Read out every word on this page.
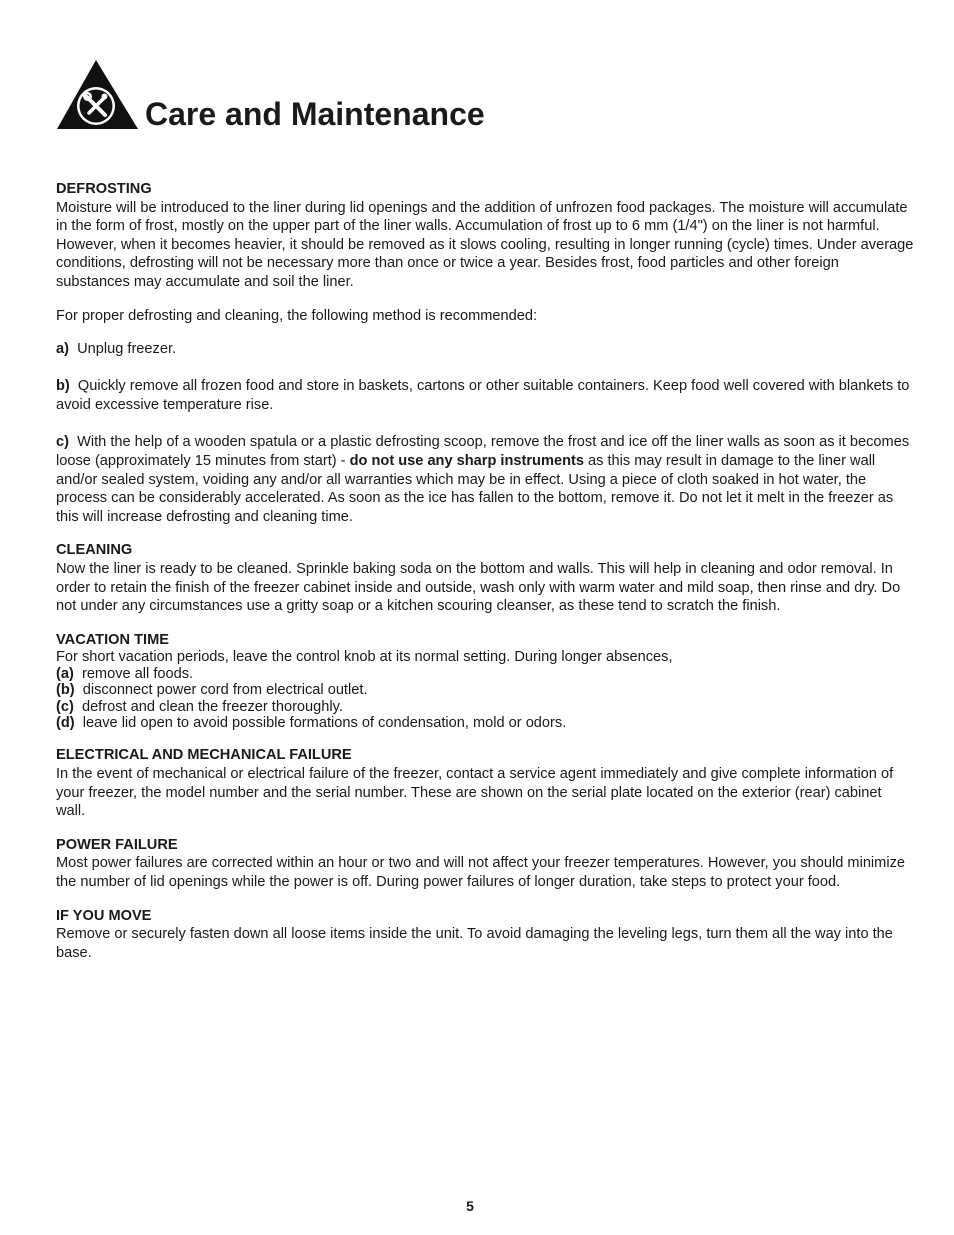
Care and Maintenance

DEFROSTING

Moisture will be introduced to the liner during lid openings and the addition of unfrozen food packages. The moisture will accumulate in the form of frost, mostly on the upper part of the liner walls. Accumulation of frost up to 6 mm (1/4") on the liner is not harmful. However, when it becomes heavier, it should be removed as it slows cooling, resulting in longer running (cycle) times. Under average conditions, defrosting will not be necessary more than once or twice a year. Besides frost, food particles and other foreign substances may accumulate and soil the liner.

For proper defrosting and cleaning, the following method is recommended:

a) Unplug freezer.

b) Quickly remove all frozen food and store in baskets, cartons or other suitable containers. Keep food well covered with blankets to avoid excessive temperature rise.

c) With the help of a wooden spatula or a plastic defrosting scoop, remove the frost and ice off the liner walls as soon as it becomes loose (approximately 15 minutes from start) - do not use any sharp instruments as this may result in damage to the liner wall and/or sealed system, voiding any and/or all warranties which may be in effect. Using a piece of cloth soaked in hot water, the process can be considerably accelerated. As soon as the ice has fallen to the bottom, remove it. Do not let it melt in the freezer as this will increase defrosting and cleaning time.

CLEANING

Now the liner is ready to be cleaned. Sprinkle baking soda on the bottom and walls. This will help in cleaning and odor removal. In order to retain the finish of the freezer cabinet inside and outside, wash only with warm water and mild soap, then rinse and dry. Do not under any circumstances use a gritty soap or a kitchen scouring cleanser, as these tend to scratch the finish.

VACATION TIME

For short vacation periods, leave the control knob at its normal setting. During longer absences,

(a) remove all foods.

(b) disconnect power cord from electrical outlet.

(c) defrost and clean the freezer thoroughly.

(d) leave lid open to avoid possible formations of condensation, mold or odors.

ELECTRICAL AND MECHANICAL FAILURE

In the event of mechanical or electrical failure of the freezer, contact a service agent immediately and give complete information of your freezer, the model number and the serial number. These are shown on the serial plate located on the exterior (rear) cabinet wall.

POWER FAILURE

Most power failures are corrected within an hour or two and will not affect your freezer temperatures. However, you should minimize the number of lid openings while the power is off. During power failures of longer duration, take steps to protect your food.

IF YOU MOVE

Remove or securely fasten down all loose items inside the unit. To avoid damaging the leveling legs, turn them all the way into the base.

5
